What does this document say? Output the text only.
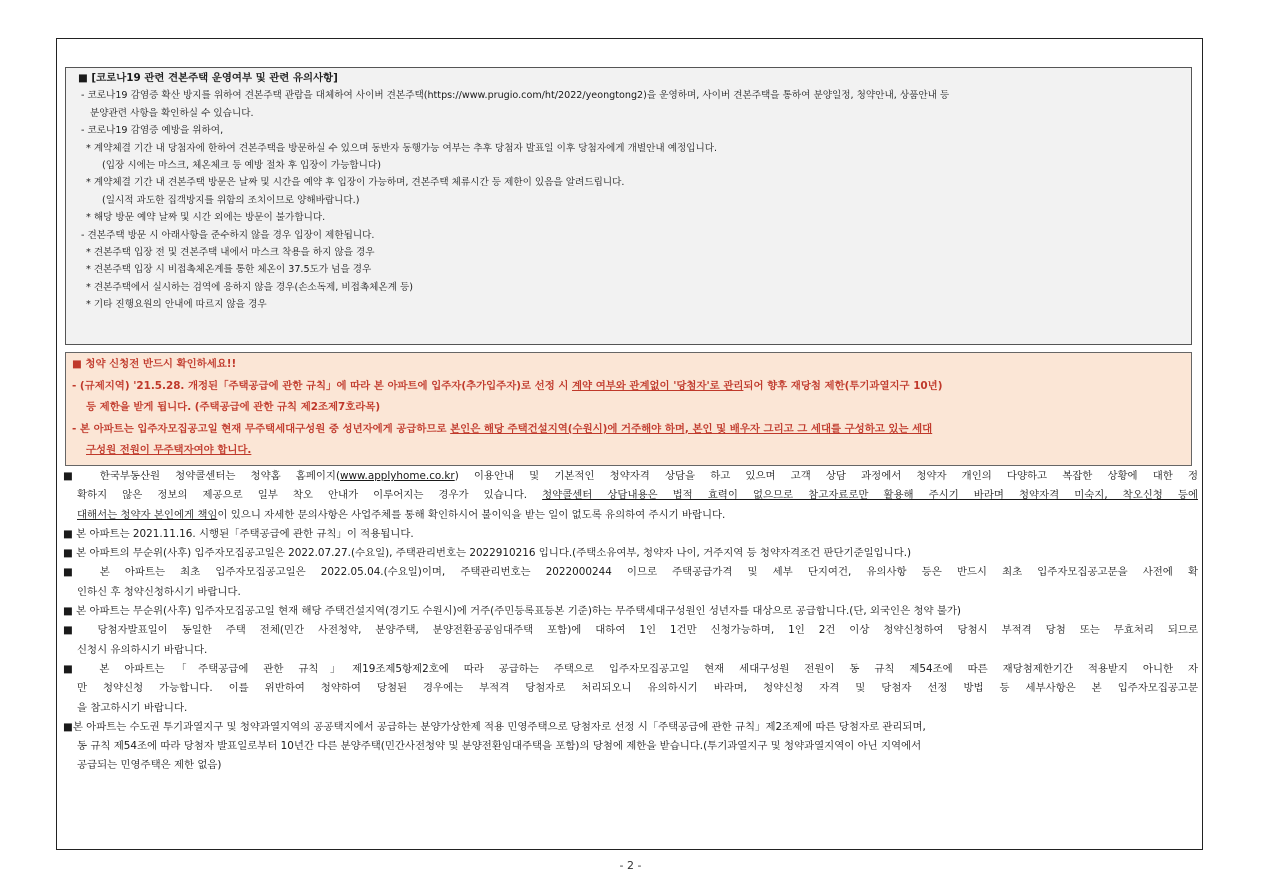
■ [코로나19 관련 견본주택 운영여부 및 관련 유의사항]
- 코로나19 감염증 확산 방지를 위하여 견본주택 관람을 대체하여 사이버 견본주택(https://www.prugio.com/ht/2022/yeongtong2)을 운영하며, 사이버 견본주택을 통하여 분양일정, 청약안내, 상품안내 등
분양관련 사항을 확인하실 수 있습니다.
- 코로나19 감염증 예방을 위하여,
* 계약체결 기간 내 당첨자에 한하여 견본주택을 방문하실 수 있으며 동반자 동행가능 여부는 추후 당첨자 발표일 이후 당첨자에게 개별안내 예정입니다.
(입장 시에는 마스크, 체온체크 등 예방 절차 후 입장이 가능합니다)
* 계약체결 기간 내 견본주택 방문은 날짜 및 시간을 예약 후 입장이 가능하며, 견본주택 체류시간 등 제한이 있음을 알려드립니다.
(일시적 과도한 집객방지를 위함의 조치이므로 양해바랍니다.)
* 해당 방문 예약 날짜 및 시간 외에는 방문이 불가합니다.
- 견본주택 방문 시 아래사항을 준수하지 않을 경우 입장이 제한됩니다.
* 견본주택 입장 전 및 견본주택 내에서 마스크 착용을 하지 않을 경우
* 견본주택 입장 시 비접촉체온계를 통한 체온이 37.5도가 넘을 경우
* 견본주택에서 실시하는 검역에 응하지 않을 경우(손소독제, 비접촉체온계 등)
* 기타 진행요원의 안내에 따르지 않을 경우
■ 청약 신청전 반드시 확인하세요!!
- (규제지역) '21.5.28. 개정된「주택공급에 관한 규칙」에 따라 본 아파트에 입주자(추가입주자)로 선정 시 계약 여부와 관계없이 '당첨자'로 관리되어 향후 재당첨 제한(투기과열지구 10년)
등 제한을 받게 됩니다. (주택공급에 관한 규칙 제2조제7호라목)
- 본 아파트는 입주자모집공고일 현재 무주택세대구성원 중 성년자에게 공급하므로 본인은 해당 주택건설지역(수원시)에 거주해야 하며, 본인 및 배우자 그리고 그 세대를 구성하고 있는 세대
구성원 전원이 무주택자여야 합니다.
■ 한국부동산원 청약콜센터는 청약홈 홈페이지(www.applyhome.co.kr) 이용안내 및 기본적인 청약자격 상담을 하고 있으며 고객 상담 과정에서 청약자 개인의 다양하고 복잡한 상황에 대한 정
확하지 않은 정보의 제공으로 일부 착오 안내가 이루어지는 경우가 있습니다. 청약콜센터 상담내용은 법적 효력이 없으므로 참고자료로만 활용해 주시기 바라며 청약자격 미숙지, 착오신청 등에
대해서는 청약자 본인에게 책임이 있으니 자세한 문의사항은 사업주체를 통해 확인하시어 불이익을 받는 일이 없도록 유의하여 주시기 바랍니다.
■ 본 아파트는 2021.11.16. 시행된「주택공급에 관한 규칙」이 적용됩니다.
■ 본 아파트의 무순위(사후) 입주자모집공고일은 2022.07.27.(수요일), 주택관리번호는 2022910216 입니다.(주택소유여부, 청약자 나이, 거주지역 등 청약자격조건 판단기준일입니다.)
■ 본 아파트는 최초 입주자모집공고일은 2022.05.04.(수요일)이며, 주택관리번호는 2022000244 이므로 주택공급가격 및 세부 단지여건, 유의사항 등은 반드시 최초 입주자모집공고문을 사전에 확
인하신 후 청약신청하시기 바랍니다.
■ 본 아파트는 무순위(사후) 입주자모집공고일 현재 해당 주택건설지역(경기도 수원시)에 거주(주민등록표등본 기준)하는 무주택세대구성원인 성년자를 대상으로 공급합니다.(단, 외국인은 청약 불가)
■ 당첨자발표일이 동일한 주택 전체(민간 사전청약, 분양주택, 분양전환공공임대주택 포함)에 대하여 1인 1건만 신청가능하며, 1인 2건 이상 청약신청하여 당첨시 부적격 당첨 또는 무효처리 되므로
신청시 유의하시기 바랍니다.
■ 본 아파트는「주택공급에 관한 규칙」제19조제5항제2호에 따라 공급하는 주택으로 입주자모집공고일 현재 세대구성원 전원이 동 규칙 제54조에 따른 재당첨제한기간 적용받지 아니한 자
만 청약신청 가능합니다. 이를 위반하여 청약하여 당첨된 경우에는 부적격 당첨자로 처리되오니 유의하시기 바라며, 청약신청 자격 및 당첨자 선정 방법 등 세부사항은 본 입주자모집공고문
을 참고하시기 바랍니다.
■본 아파트는 수도권 투기과열지구 및 청약과열지역의 공공택지에서 공급하는 분양가상한제 적용 민영주택으로 당첨자로 선정 시「주택공급에 관한 규칙」제2조제에 따른 당첨자로 관리되며,
동 규칙 제54조에 따라 당첨자 발표일로부터 10년간 다른 분양주택(민간사전청약 및 분양전환임대주택을 포함)의 당첨에 제한을 받습니다.(투기과열지구 및 청약과열지역이 아닌 지역에서
공급되는 민영주택은 제한 없음)
- 2 -
